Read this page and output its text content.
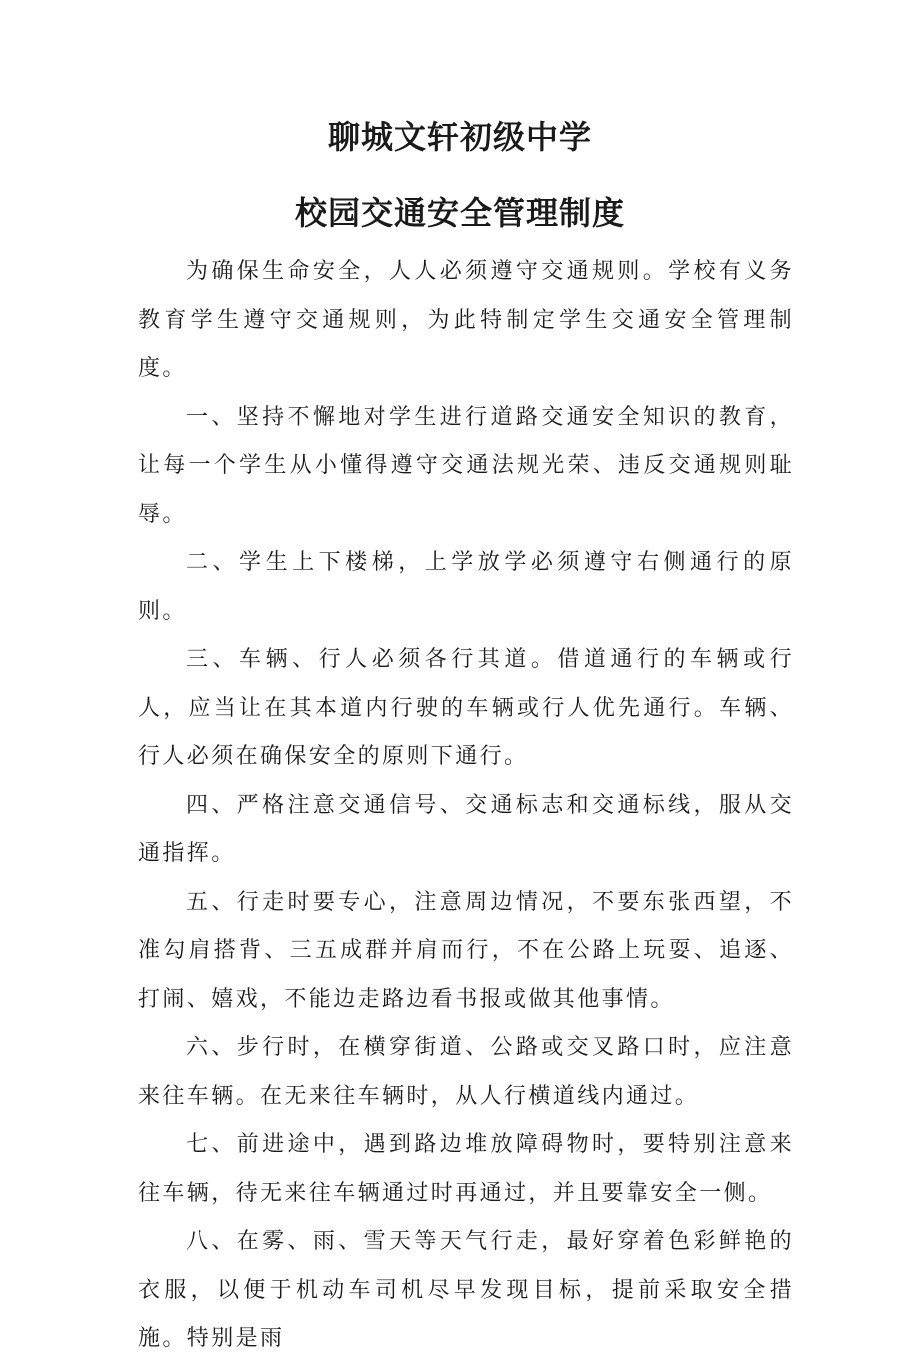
聊城文轩初级中学
校园交通安全管理制度

为确保生命安全，人人必须遵守交通规则。学校有义务教育学生遵守交通规则，为此特制定学生交通安全管理制度。

一、坚持不懈地对学生进行道路交通安全知识的教育，让每一个学生从小懂得遵守交通法规光荣、违反交通规则耻辱。

二、学生上下楼梯，上学放学必须遵守右侧通行的原则。

三、车辆、行人必须各行其道。借道通行的车辆或行人，应当让在其本道内行驶的车辆或行人优先通行。车辆、行人必须在确保安全的原则下通行。

四、严格注意交通信号、交通标志和交通标线，服从交通指挥。

五、行走时要专心，注意周边情况，不要东张西望，不准勾肩搭背、三五成群并肩而行，不在公路上玩耍、追逐、打闹、嬉戏，不能边走路边看书报或做其他事情。

六、步行时，在横穿街道、公路或交叉路口时，应注意来往车辆。在无来往车辆时，从人行横道线内通过。

七、前进途中，遇到路边堆放障碍物时，要特别注意来往车辆，待无来往车辆通过时再通过，并且要靠安全一侧。

八、在雾、雨、雪天等天气行走，最好穿着色彩鲜艳的衣服，以便于机动车司机尽早发现目标，提前采取安全措施。特别是雨
